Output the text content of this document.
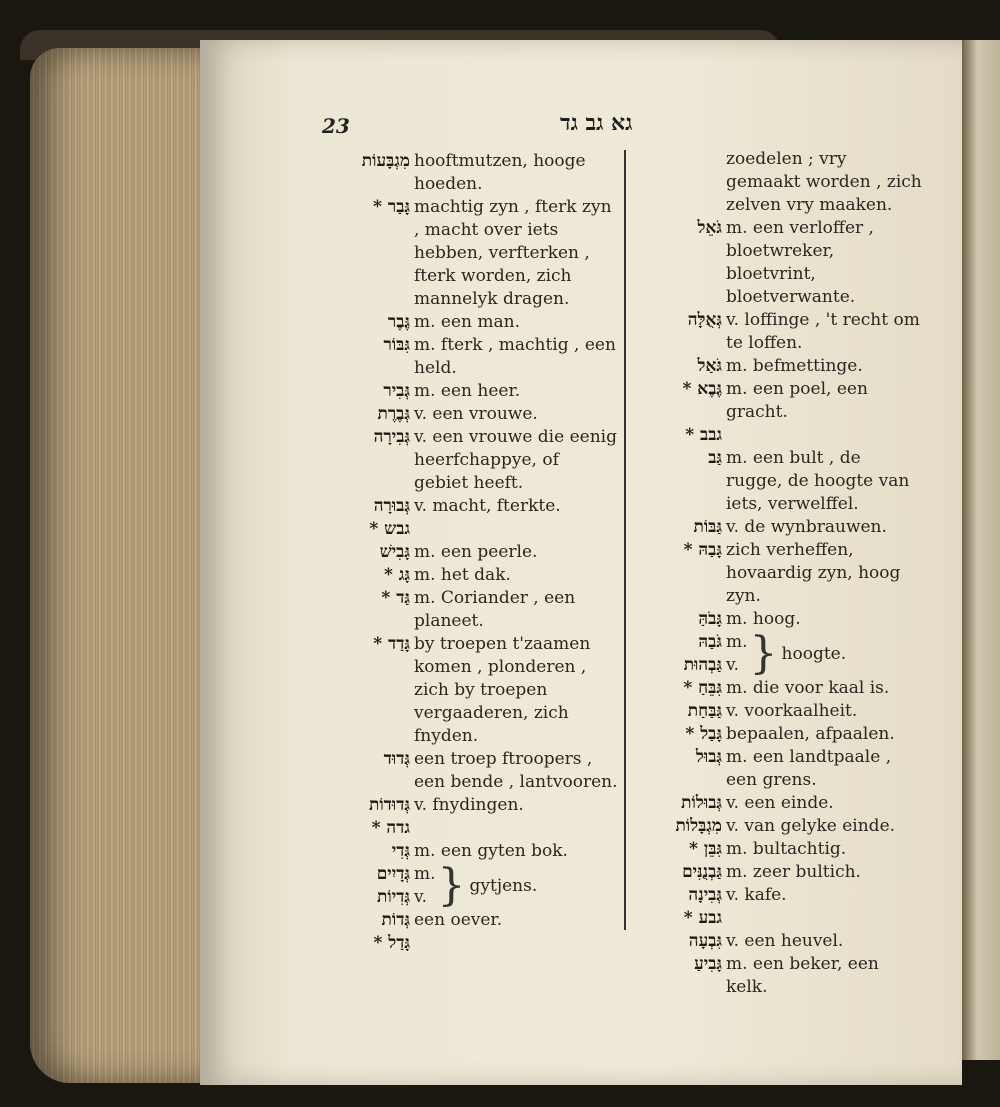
23	גא גב גד
מִגְבָּעוֹת hooftmutzen, hooge hoeden.
גָּבַר * machtig zyn , fterk zyn , macht over iets hebben, verfterken , fterk worden, zich mannelyk dragen.
גֶּבֶר m. een man.
גִּבּוֹר m. fterk , machtig , een held.
גְּבִיר m. een heer.
גְּבֶרֶת v. een vrouwe.
גְּבִירָה v. een vrouwe die eenig heerfchappye, of gebiet heeft.
גְּבוּרָה v. macht, fterkte.
גבש *
גָּבִישׁ m. een peerle.
גָּג * m. het dak.
גַּד * m. Coriander , een planeet.
גָּדַד * by troepen t'zaamen komen , plonderen , zich by troepen vergaaderen, zich fnyden.
גְּדוּד een troep ftroopers , een bende , lantvooren.
גְּדוּדוֹת v. fnydingen.
גדה *
גְּדִי m. een gyten bok.
גְּדָיִים m.
גְּדִיוֹת v. } gytjens.
גְּדוֹת een oever.
גָּדַל *
zoedelen ; vry gemaakt worden , zich zelven vry maaken.
גֹּאֵל m. een verloffer , bloetwreker, bloetvrint, bloetverwante.
גְּאֻלָּה v. loffinge , 't recht om te loffen.
גֹּאַל m. befmettinge.
גֶּבֶא * m. een poel, een gracht.
גבב *
גַּב m. een bult , de rugge, de hoogte van iets, verwelffel.
גַּבּוֹת v. de wynbrauwen.
גָּבַהּ * zich verheffen, hovaardig zyn, hoog zyn.
גָּבֹהַּ m. hoog.
גֹּבַהּ m.
גַּבְהוּת v. } hoogte.
גִּבֵּחַ * m. die voor kaal is.
גַּבַּחַת v. voorkaalheit.
גָּבַל * bepaalen, afpaalen.
גְּבוּל m. een landtpaale , een grens.
גְּבוּלוֹת v. een einde.
מִגְבָּלוֹת v. van gelyke einde.
גִּבֵּן * m. bultachtig.
גַּבְנֻנִּים m. zeer bultich.
גְּבִינָה v. kafe.
גבע *
גִּבְעָה v. een heuvel.
גָּבִיעַ m. een beker, een kelk.
